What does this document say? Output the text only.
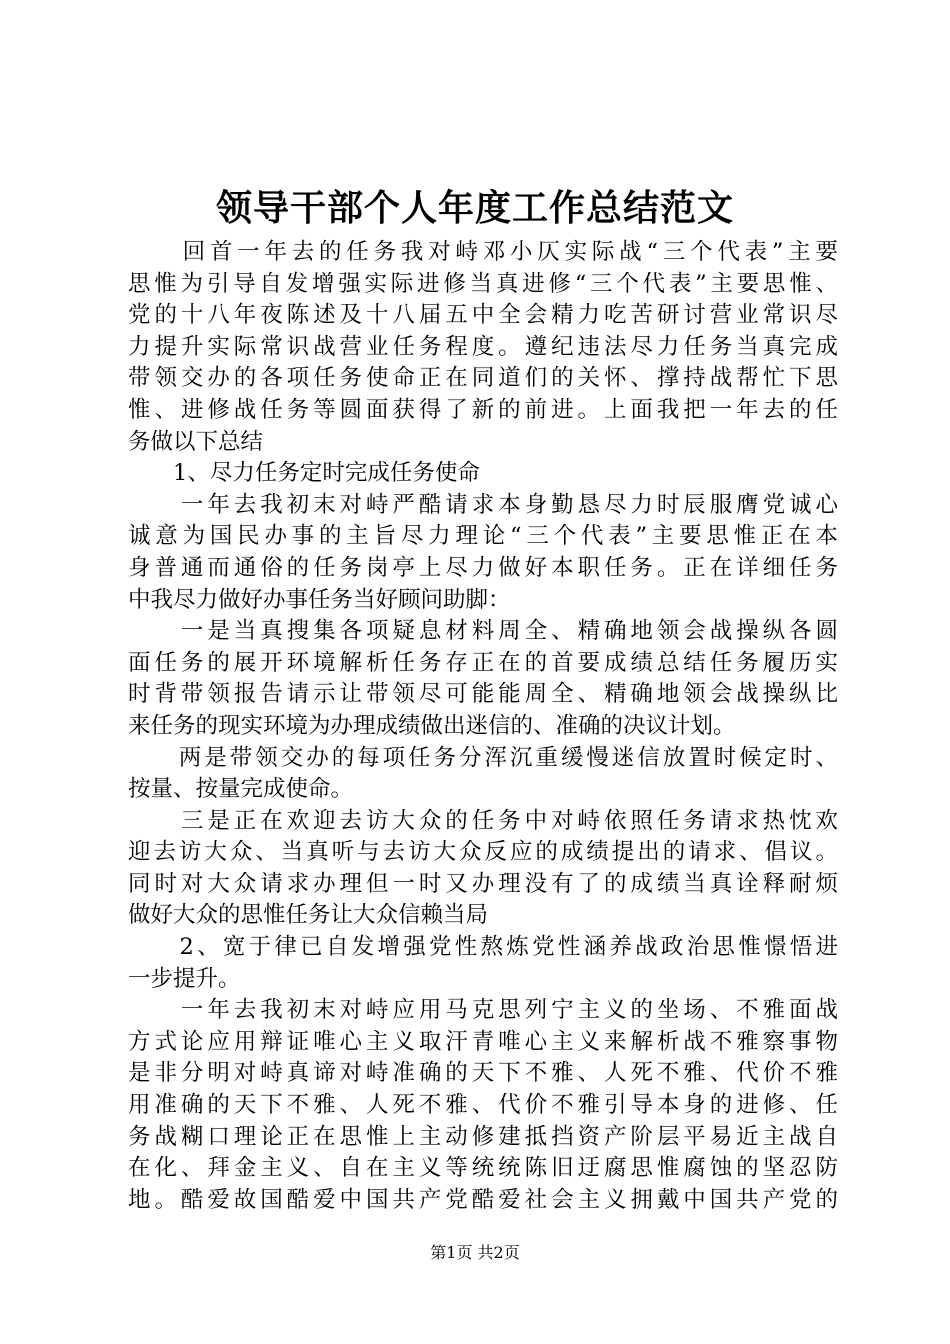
领导干部个人年度工作总结范文
　　回首一年去的任务我对峙邓小仄实际战“三个代表”主要
思惟为引导自发增强实际进修当真进修“三个代表”主要思惟、
党的十八年夜陈述及十八届五中全会精力吃苦研讨营业常识尽
力提升实际常识战营业任务程度。遵纪违法尽力任务当真完成
带领交办的各项任务使命正在同道们的关怀、撑持战帮忙下思
惟、进修战任务等圆面获得了新的前进。上面我把一年去的任
务做以下总结
　　1、尽力任务定时完成任务使命
　　一年去我初末对峙严酷请求本身勤恳尽力时辰服膺党诚心
诚意为国民办事的主旨尽力理论“三个代表”主要思惟正在本
身普通而通俗的任务岗亭上尽力做好本职任务。正在详细任务
中我尽力做好办事任务当好顾问助脚：
　　一是当真搜集各项疑息材料周全、精确地领会战操纵各圆
面任务的展开环境解析任务存正在的首要成绩总结任务履历实
时背带领报告请示让带领尽可能能周全、精确地领会战操纵比
来任务的现实环境为办理成绩做出迷信的、准确的决议计划。
　　两是带领交办的每项任务分浑沉重缓慢迷信放置时候定时、
按量、按量完成使命。
　　三是正在欢迎去访大众的任务中对峙依照任务请求热忱欢
迎去访大众、当真听与去访大众反应的成绩提出的请求、倡议。
同时对大众请求办理但一时又办理没有了的成绩当真诠释耐烦
做好大众的思惟任务让大众信赖当局
　　2、宽于律已自发增强党性熬炼党性涵养战政治思惟憬悟进
一步提升。
　　一年去我初末对峙应用马克思列宁主义的坐场、不雅面战
方式论应用辩证唯心主义取汗青唯心主义来解析战不雅察事物
是非分明对峙真谛对峙准确的天下不雅、人死不雅、代价不雅
用准确的天下不雅、人死不雅、代价不雅引导本身的进修、任
务战糊口理论正在思惟上主动修建抵挡资产阶层平易近主战自
在化、拜金主义、自在主义等统统陈旧迂腐思惟腐蚀的坚忍防
地。酷爱故国酷爱中国共产党酷爱社会主义拥戴中国共产党的
第1页 共2页
